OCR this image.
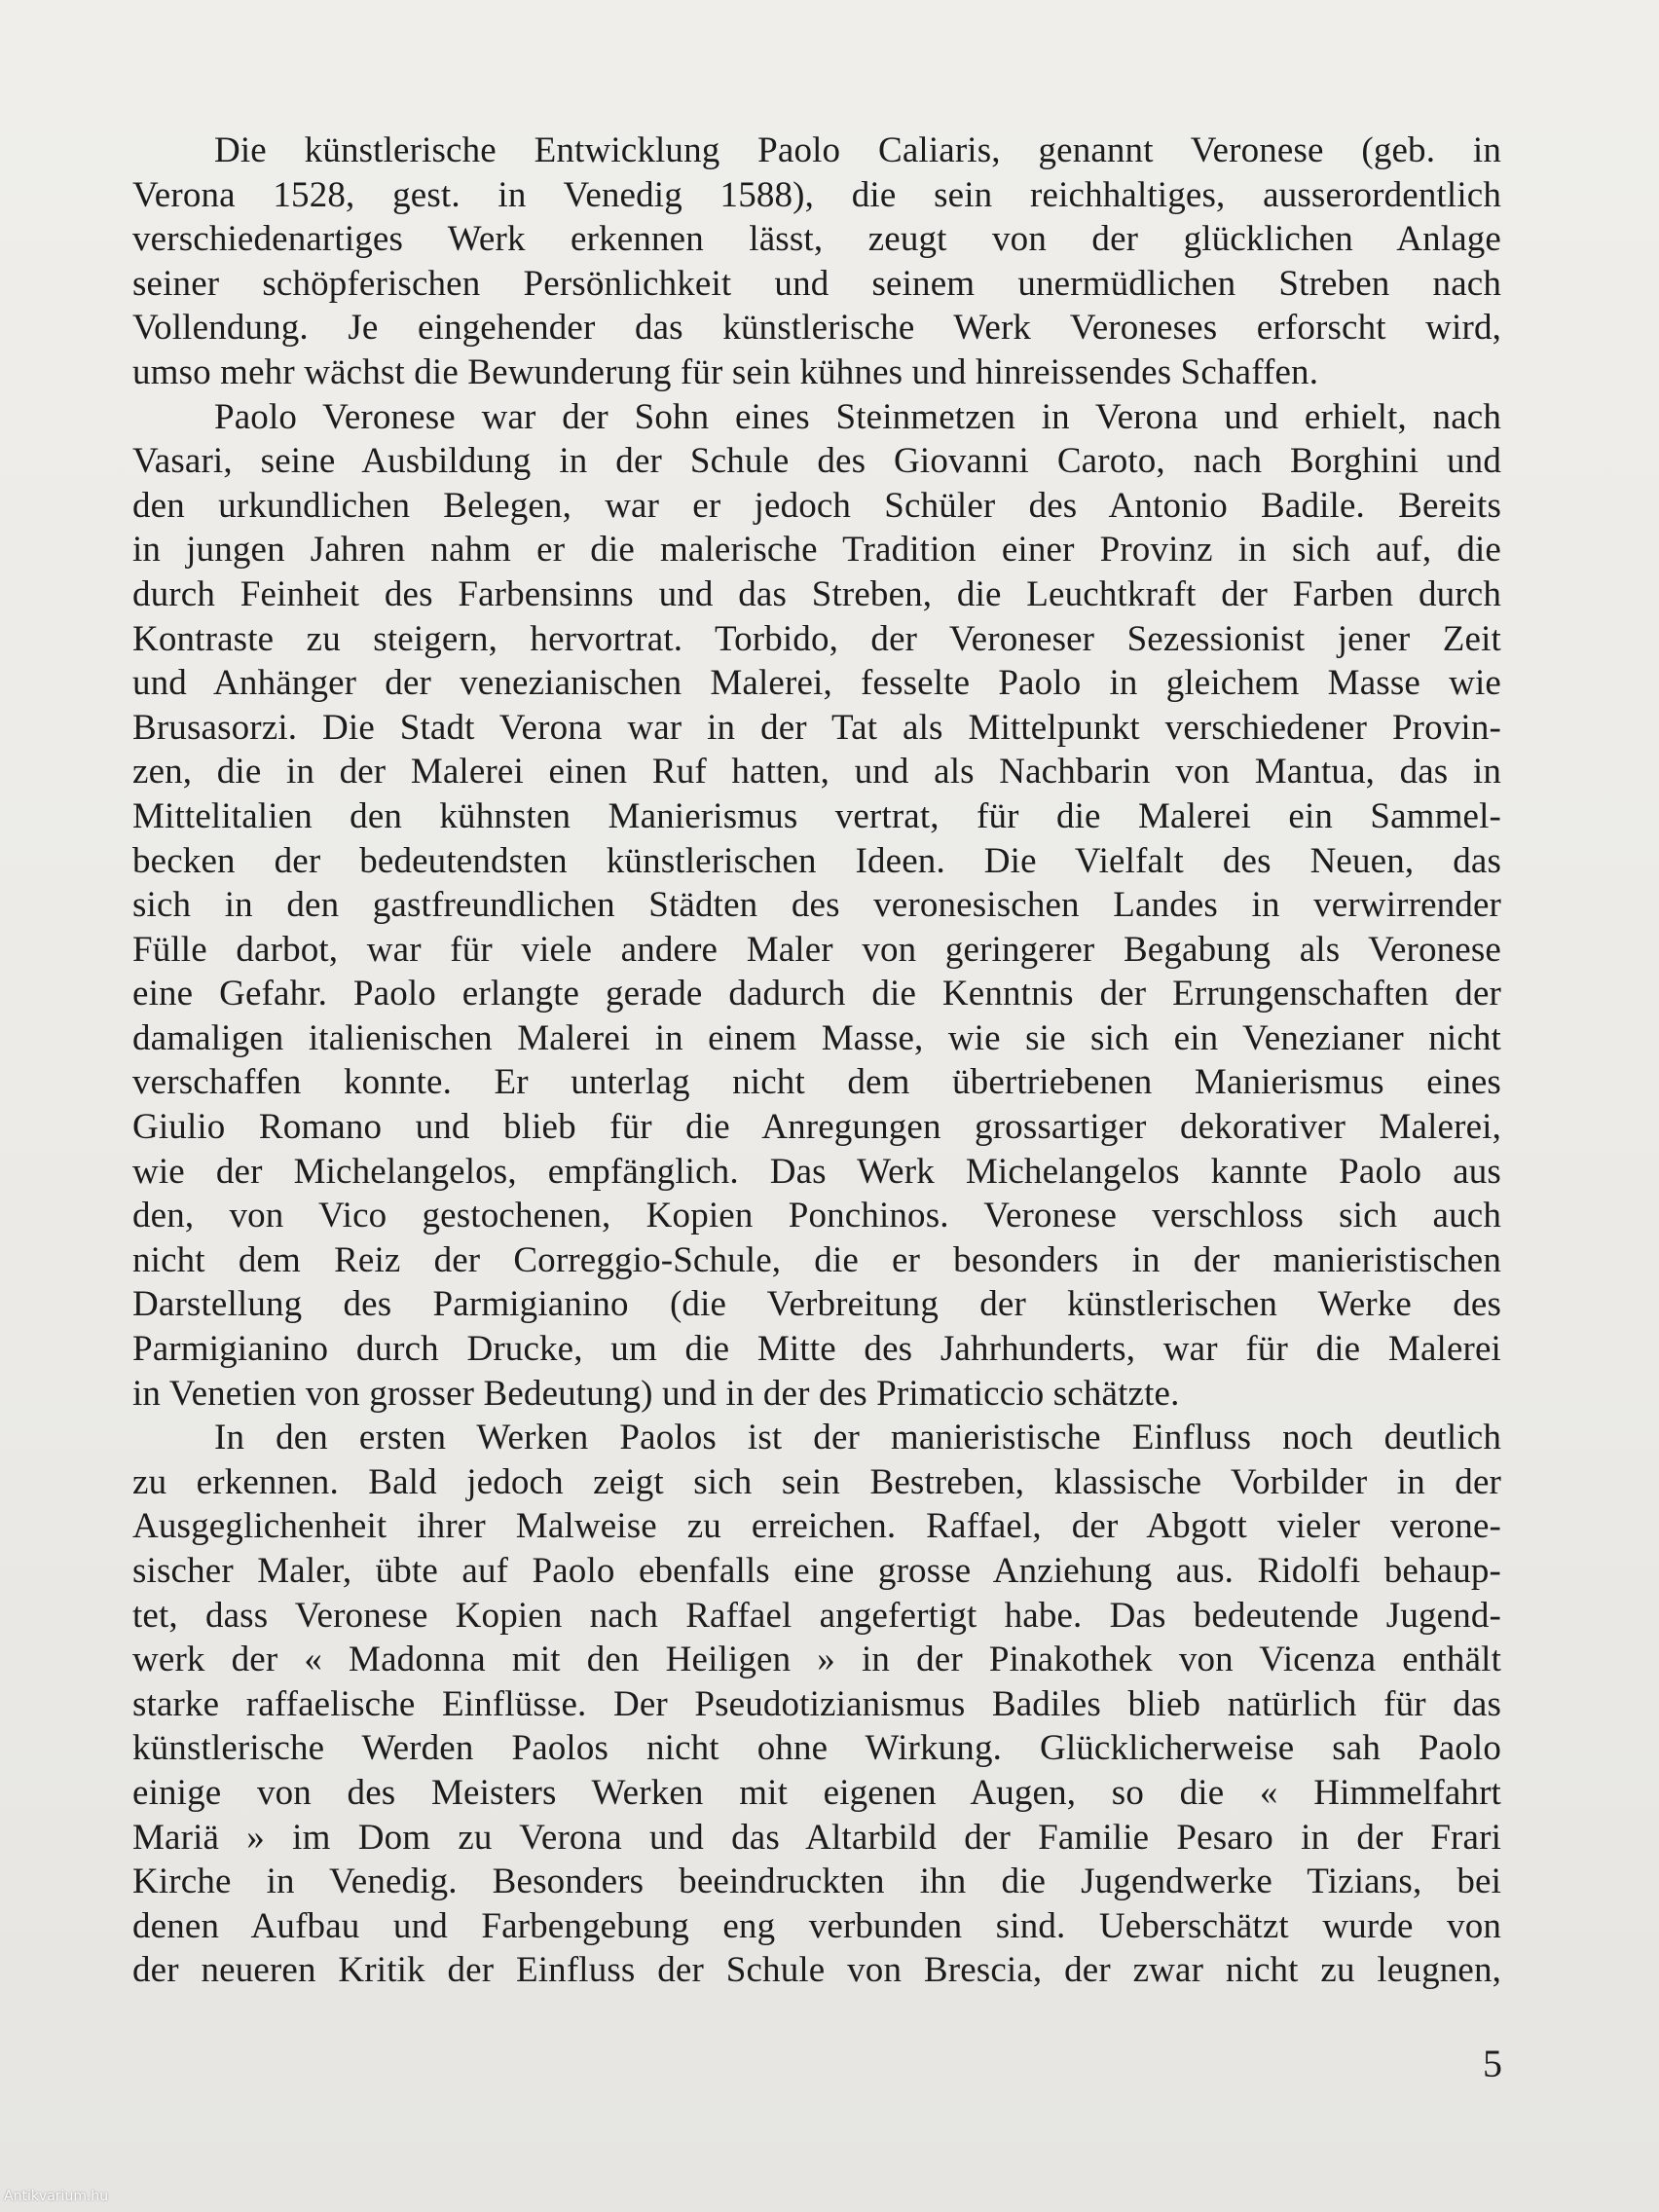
Die künstlerische Entwicklung Paolo Caliaris, genannt Veronese (geb. in
Verona 1528, gest. in Venedig 1588), die sein reichhaltiges, ausserordentlich
verschiedenartiges Werk erkennen lässt, zeugt von der glücklichen Anlage
seiner schöpferischen Persönlichkeit und seinem unermüdlichen Streben nach
Vollendung. Je eingehender das künstlerische Werk Veroneses erforscht wird,
umso mehr wächst die Bewunderung für sein kühnes und hinreissendes Schaffen.
Paolo Veronese war der Sohn eines Steinmetzen in Verona und erhielt, nach
Vasari, seine Ausbildung in der Schule des Giovanni Caroto, nach Borghini und
den urkundlichen Belegen, war er jedoch Schüler des Antonio Badile. Bereits
in jungen Jahren nahm er die malerische Tradition einer Provinz in sich auf, die
durch Feinheit des Farbensinns und das Streben, die Leuchtkraft der Farben durch
Kontraste zu steigern, hervortrat. Torbido, der Veroneser Sezessionist jener Zeit
und Anhänger der venezianischen Malerei, fesselte Paolo in gleichem Masse wie
Brusasorzi. Die Stadt Verona war in der Tat als Mittelpunkt verschiedener Provin-
zen, die in der Malerei einen Ruf hatten, und als Nachbarin von Mantua, das in
Mittelitalien den kühnsten Manierismus vertrat, für die Malerei ein Sammel-
becken der bedeutendsten künstlerischen Ideen. Die Vielfalt des Neuen, das
sich in den gastfreundlichen Städten des veronesischen Landes in verwirrender
Fülle darbot, war für viele andere Maler von geringerer Begabung als Veronese
eine Gefahr. Paolo erlangte gerade dadurch die Kenntnis der Errungenschaften der
damaligen italienischen Malerei in einem Masse, wie sie sich ein Venezianer nicht
verschaffen konnte. Er unterlag nicht dem übertriebenen Manierismus eines
Giulio Romano und blieb für die Anregungen grossartiger dekorativer Malerei,
wie der Michelangelos, empfänglich. Das Werk Michelangelos kannte Paolo aus
den, von Vico gestochenen, Kopien Ponchinos. Veronese verschloss sich auch
nicht dem Reiz der Correggio-Schule, die er besonders in der manieristischen
Darstellung des Parmigianino (die Verbreitung der künstlerischen Werke des
Parmigianino durch Drucke, um die Mitte des Jahrhunderts, war für die Malerei
in Venetien von grosser Bedeutung) und in der des Primaticcio schätzte.
In den ersten Werken Paolos ist der manieristische Einfluss noch deutlich
zu erkennen. Bald jedoch zeigt sich sein Bestreben, klassische Vorbilder in der
Ausgeglichenheit ihrer Malweise zu erreichen. Raffael, der Abgott vieler verone-
sischer Maler, übte auf Paolo ebenfalls eine grosse Anziehung aus. Ridolfi behaup-
tet, dass Veronese Kopien nach Raffael angefertigt habe. Das bedeutende Jugend-
werk der « Madonna mit den Heiligen » in der Pinakothek von Vicenza enthält
starke raffaelische Einflüsse. Der Pseudotizianismus Badiles blieb natürlich für das
künstlerische Werden Paolos nicht ohne Wirkung. Glücklicherweise sah Paolo
einige von des Meisters Werken mit eigenen Augen, so die « Himmelfahrt
Mariä » im Dom zu Verona und das Altarbild der Familie Pesaro in der Frari
Kirche in Venedig. Besonders beeindruckten ihn die Jugendwerke Tizians, bei
denen Aufbau und Farbengebung eng verbunden sind. Ueberschätzt wurde von
der neueren Kritik der Einfluss der Schule von Brescia, der zwar nicht zu leugnen,
5
Antikvarium.hu
